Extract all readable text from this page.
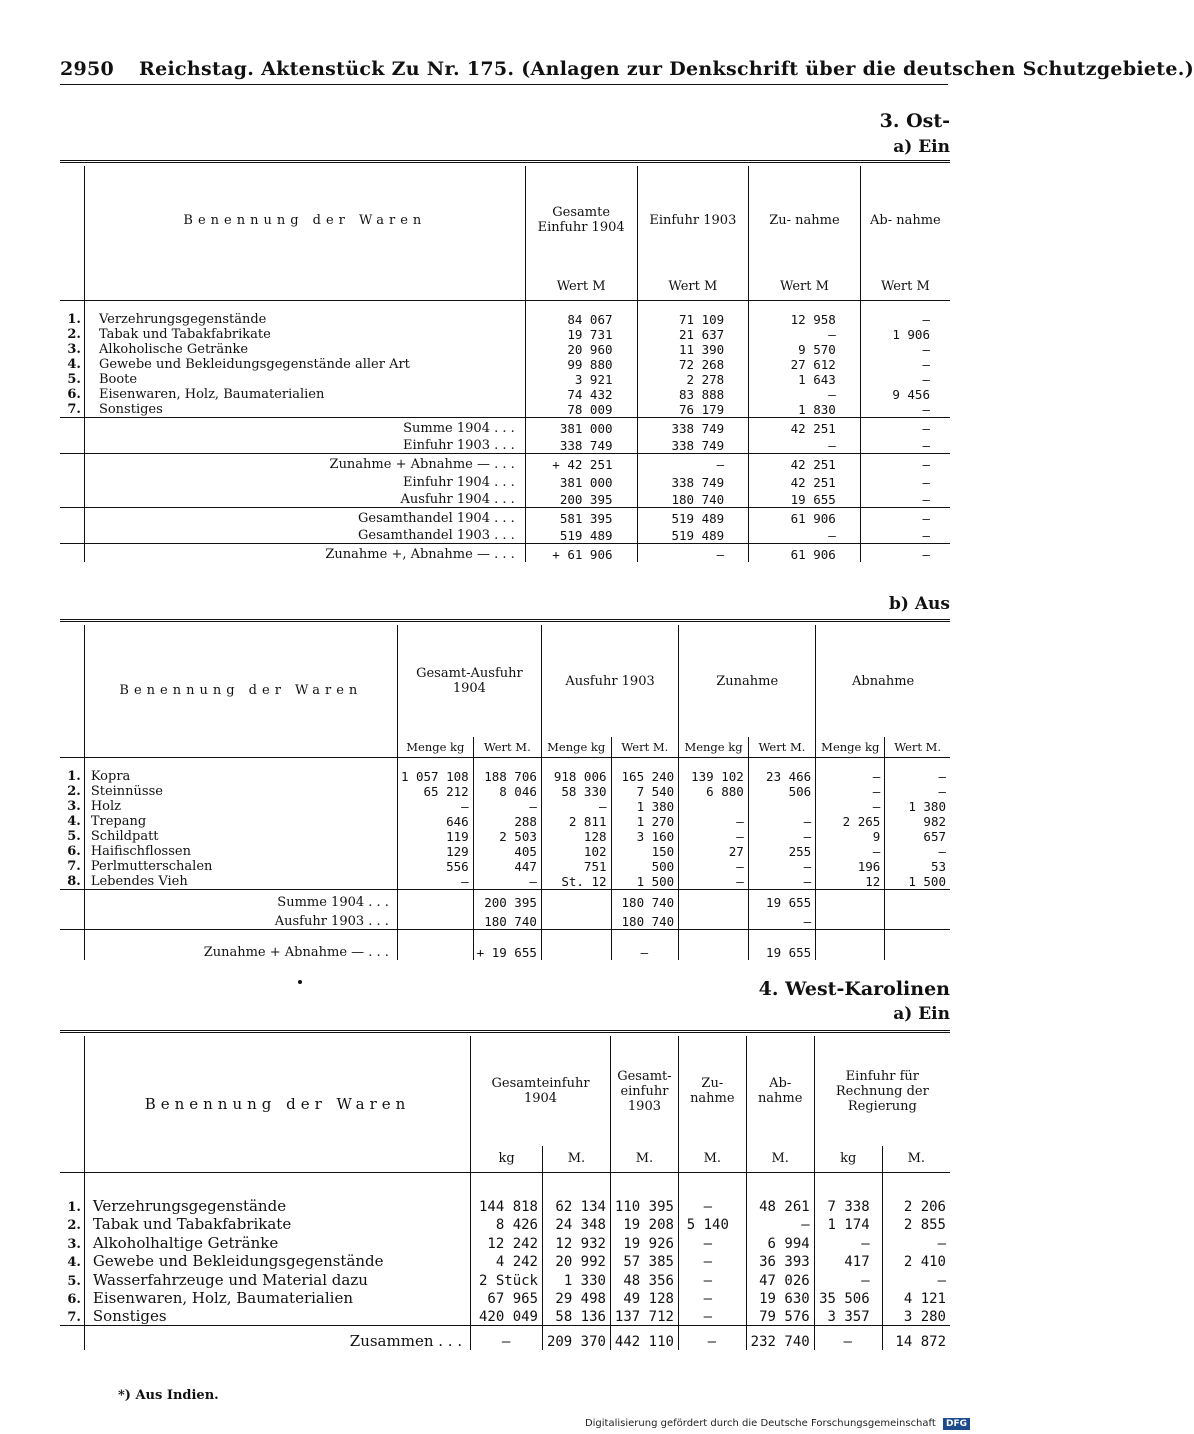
2950 Reichstag. Aktenstück Zu Nr. 175. (Anlagen zur Denkschrift über die deutschen Schutzgebiete.)
3. Ost-
a) Ein
	Benennung der Waren	Gesamte Einfuhr 1904	Einfuhr 1903	Zu- nahme	Ab- nahme
		Wert M	Wert M	Wert M	Wert M

1.	Verzehrungsgegenstände	84 067	71 109	12 958	—
2.	Tabak und Tabakfabrikate	19 731	21 637	—	1 906
3.	Alkoholische Getränke	20 960	11 390	9 570	—
4.	Gewebe und Bekleidungsgegenstände aller Art	99 880	72 268	27 612	—
5.	Boote	3 921	2 278	1 643	—
6.	Eisenwaren, Holz, Baumaterialien	74 432	83 888	—	9 456
7.	Sonstiges	78 009	76 179	1 830	—
	Summe 1904 . . .	381 000	338 749	42 251	—
	Einfuhr 1903 . . .	338 749	338 749	—	—
	Zunahme + Abnahme — . . .	+ 42 251	—	42 251	—
	Einfuhr 1904 . . .	381 000	338 749	42 251	—
	Ausfuhr 1904 . . .	200 395	180 740	19 655	—
	Gesamthandel 1904 . . .	581 395	519 489	61 906	—
	Gesamthandel 1903 . . .	519 489	519 489	—	—
	Zunahme +, Abnahme — . . .	+ 61 906	—	61 906	—
b) Aus
	Benennung der Waren	Gesamt-Ausfuhr 1904		Ausfuhr 1903		Zunahme		Abnahme	
		Menge kg	Wert M.	Menge kg	Wert M.	Menge kg	Wert M.	Menge kg	Wert M.

1.	Kopra	1 057 108	188 706	918 006	165 240	139 102	23 466	—	—
2.	Steinnüsse	65 212	8 046	58 330	7 540	6 880	506	—	—
3.	Holz	—	—	—	1 380			—	1 380
4.	Trepang	646	288	2 811	1 270	—	—	2 265	982
5.	Schildpatt	119	2 503	128	3 160	—	—	9	657
6.	Haifischflossen	129	405	102	150	27	255	—	—
7.	Perlmutterschalen	556	447	751	500	—	—	196	53
8.	Lebendes Vieh	—	—	St. 12	1 500	—	—	12	1 500
	Summe 1904 . . .		200 395		180 740		19 655		
	Ausfuhr 1903 . . .		180 740		180 740		—		
	Zunahme + Abnahme — . . .		+ 19 655		—		19 655		
4. West-Karolinen
a) Ein
	Benennung der Waren	Gesamteinfuhr 1904		Gesamt- einfuhr 1903	Zu- nahme	Ab- nahme	Einfuhr für Rechnung der Regierung	
		kg	M.	M.	M.	M.	kg	M.

1.	Verzehrungsgegenstände	144 818	62 134	110 395	—	48 261	7 338	2 206
2.	Tabak und Tabakfabrikate	8 426	24 348	19 208	5 140	—	1 174	2 855
3.	Alkoholhaltige Getränke	12 242	12 932	19 926	—	6 994	—	—
4.	Gewebe und Bekleidungsgegenstände	4 242	20 992	57 385	—	36 393	417	2 410
5.	Wasserfahrzeuge und Material dazu	2 Stück	1 330	48 356	—	47 026	—	—
6.	Eisenwaren, Holz, Baumaterialien	67 965	29 498	49 128	—	19 630	35 506	4 121
7.	Sonstiges	420 049	58 136	137 712	—	79 576	3 357	3 280
	Zusammen . . .	—	209 370	442 110	—	232 740	—	14 872
*) Aus Indien.
Digitalisierung gefördert durch die Deutsche Forschungsgemeinschaft DFG
